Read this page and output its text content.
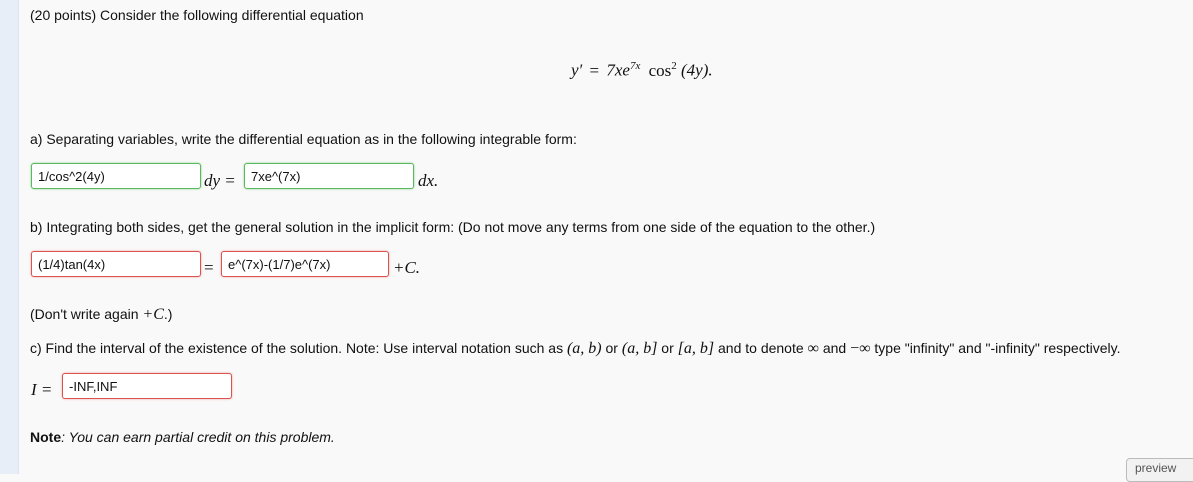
(20 points) Consider the following differential equation
$y' = 7xe^{7x}$ $\cos^2 (4y)$.
a) Separating variables, write the differential equation as in the following integrable form:
1/cos^2(4y)	dy =	7xe^(7x)	dx.
b) Integrating both sides, get the general solution in the implicit form: (Do not move any terms from one side of the equation to the other.)
(1/4)tan(4x)	=	e^(7x)-(1/7)e^(7x)	+C.
(Don't write again +C.)
c) Find the interval of the existence of the solution. Note: Use interval notation such as (a, b) or (a, b] or [a, b] and to denote ∞ and −∞ type "infinity" and "-infinity" respectively.
I =	-INF,INF
Note: You can earn partial credit on this problem.
preview
